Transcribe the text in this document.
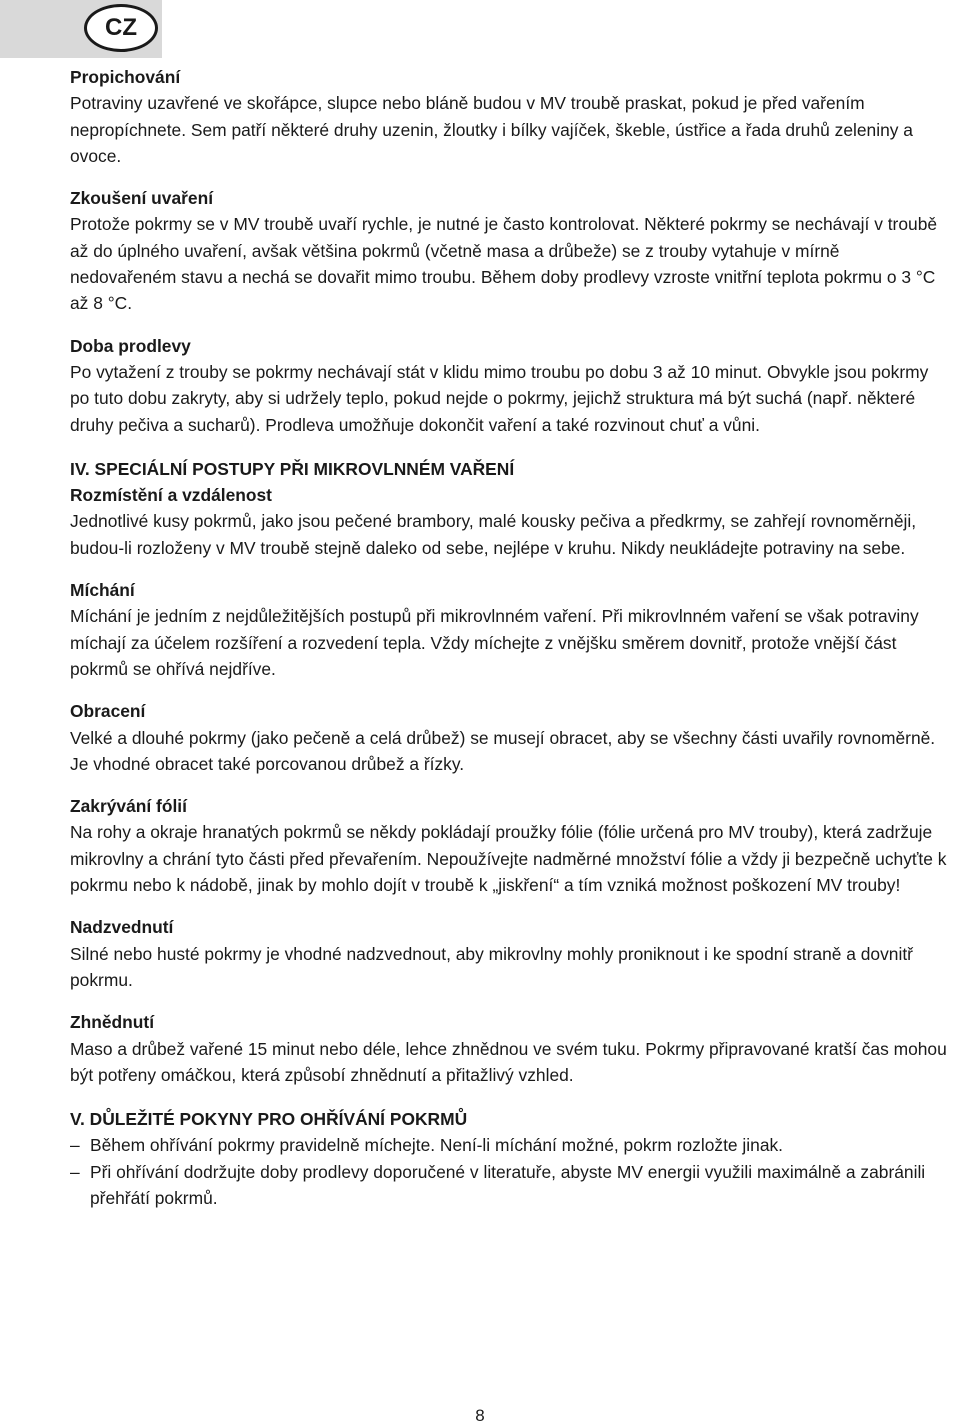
CZ

Propichování

Potraviny uzavřené ve skořápce, slupce nebo bláně budou v MV troubě praskat, pokud je před vařením nepropíchnete. Sem patří některé druhy uzenin, žloutky i bílky vajíček, škeble, ústřice a řada druhů zeleniny a ovoce.

Zkoušení uvaření

Protože pokrmy se v MV troubě uvaří rychle, je nutné je často kontrolovat. Některé pokrmy se nechávají v troubě až do úplného uvaření, avšak většina pokrmů (včetně masa a drůbeže) se z trouby vytahuje v mírně nedovařeném stavu a nechá se dovařit mimo troubu. Během doby prodlevy vzroste vnitřní teplota pokrmu o 3 °C až 8 °C.

Doba prodlevy

Po vytažení z trouby se pokrmy nechávají stát v klidu mimo troubu po dobu 3 až 10 minut. Obvykle jsou pokrmy po tuto dobu zakryty, aby si udržely teplo, pokud nejde o pokrmy, jejichž struktura má být suchá (např. některé druhy pečiva a sucharů). Prodleva umožňuje dokončit vaření a také rozvinout chuť a vůni.

IV. SPECIÁLNÍ POSTUPY PŘI MIKROVLNNÉM VAŘENÍ

Rozmístění a vzdálenost

Jednotlivé kusy pokrmů, jako jsou pečené brambory, malé kousky pečiva a předkrmy, se zahřejí rovnoměrněji, budou-li rozloženy v MV troubě stejně daleko od sebe, nejlépe v kruhu. Nikdy neukládejte potraviny na sebe.

Míchání

Míchání je jedním z nejdůležitějších postupů při mikrovlnném vaření. Při mikrovlnném vaření se však potraviny míchají za účelem rozšíření a rozvedení tepla. Vždy míchejte z vnějšku směrem dovnitř, protože vnější část pokrmů se ohřívá nejdříve.

Obracení

Velké a dlouhé pokrmy (jako pečeně a celá drůbež) se musejí obracet, aby se všechny části uvařily rovnoměrně. Je vhodné obracet také porcovanou drůbež a řízky.

Zakrývání fólií

Na rohy a okraje hranatých pokrmů se někdy pokládají proužky fólie (fólie určená pro MV trouby), která zadržuje mikrovlny a chrání tyto části před převařením. Nepoužívejte nadměrné množství fólie a vždy ji bezpečně uchyťte k pokrmu nebo k nádobě, jinak by mohlo dojít v troubě k „jiskření“ a tím vzniká možnost poškození MV trouby!

Nadzvednutí

Silné nebo husté pokrmy je vhodné nadzvednout, aby mikrovlny mohly proniknout i ke spodní straně a dovnitř pokrmu.

Zhnědnutí

Maso a drůbež vařené 15 minut nebo déle, lehce zhnědnou ve svém tuku. Pokrmy připravované kratší čas mohou být potřeny omáčkou, která způsobí zhnědnutí a přitažlivý vzhled.

V. DŮLEŽITÉ POKYNY PRO OHŘÍVÁNÍ POKRMŮ

– Během ohřívání pokrmy pravidelně míchejte. Není-li míchání možné, pokrm rozložte jinak.
– Při ohřívání dodržujte doby prodlevy doporučené v literatuře, abyste MV energii využili maximálně a zabránili přehřátí pokrmů.
8
